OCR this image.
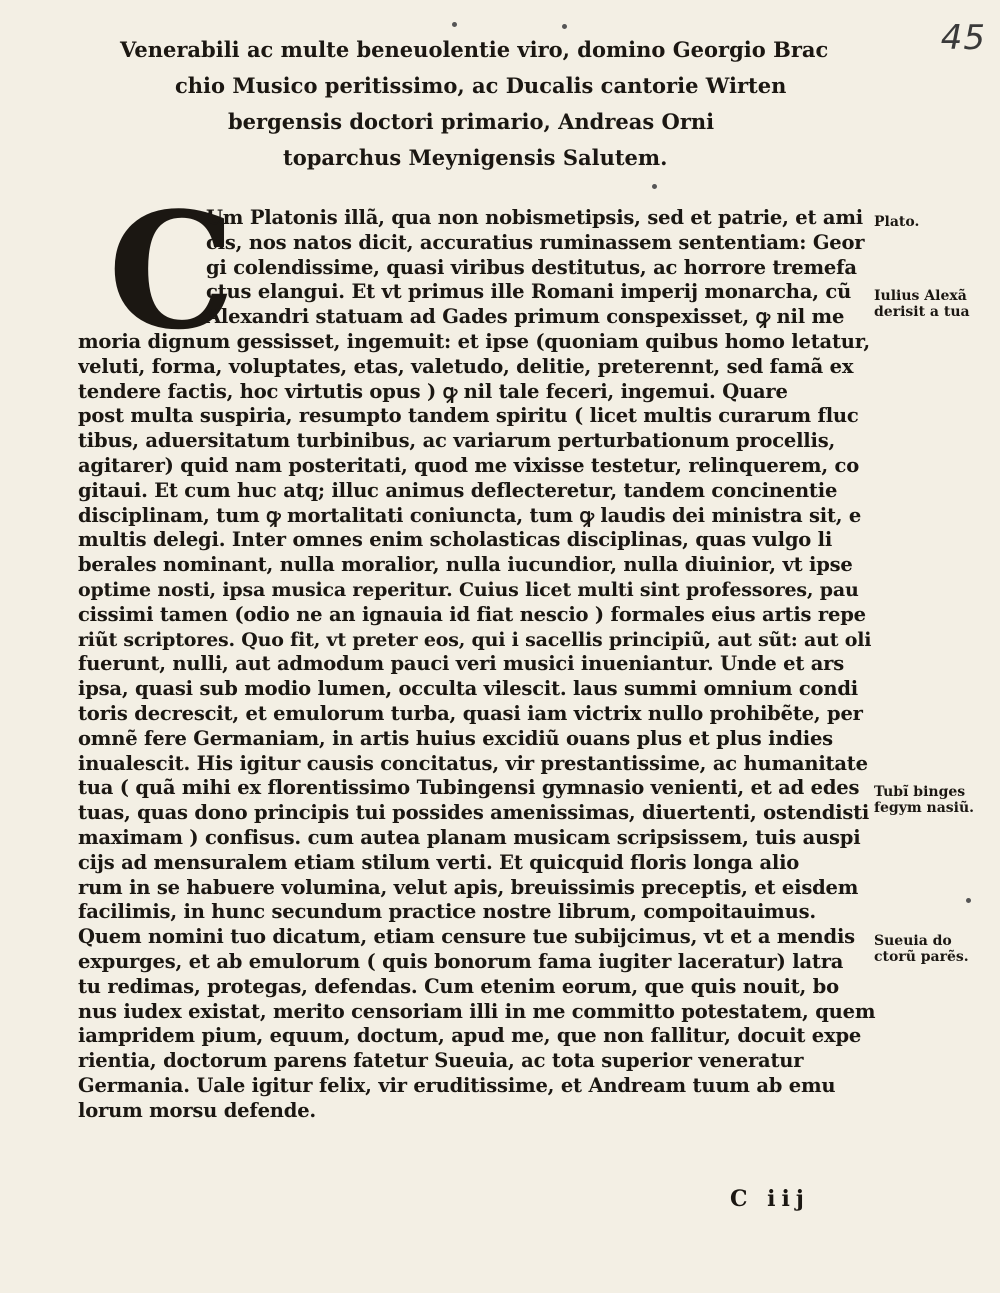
45
Venerabili ac multe beneuolentie viro, domino Georgio Brac
chio Musico peritissimo, ac Ducalis cantorie Wirten
bergensis doctori primario, Andreas Orni
toparchus Meynigensis Salutem.
C
Um Platonis illã, qua non nobismetipsis, sed et patrie, et ami
cis, nos natos dicit, accuratius ruminassem sententiam: Geor
gi colendissime, quasi viribus destitutus, ac horrore tremefa
ctus elangui. Et vt primus ille Romani imperij monarcha, cũ
Alexandri statuam ad Gades primum conspexisset, ꝙ nil me
moria dignum gessisset, ingemuit: et ipse (quoniam quibus homo letatur,
veluti, forma, voluptates, etas, valetudo, delitie, preterennt, sed famã ex
tendere factis, hoc virtutis opus ) ꝙ nil tale feceri, ingemui. Quare
post multa suspiria, resumpto tandem spiritu ( licet multis curarum fluc
tibus, aduersitatum turbinibus, ac variarum perturbationum procellis,
agitarer) quid nam posteritati, quod me vixisse testetur, relinquerem, co
gitaui. Et cum huc atq; illuc animus deflecteretur, tandem concinentie
disciplinam, tum ꝙ mortalitati coniuncta, tum ꝙ laudis dei ministra sit, e
multis delegi. Inter omnes enim scholasticas disciplinas, quas vulgo li
berales nominant, nulla moralior, nulla iucundior, nulla diuinior, vt ipse
optime nosti, ipsa musica reperitur. Cuius licet multi sint professores, pau
cissimi tamen (odio ne an ignauia id fiat nescio ) formales eius artis repe
riũt scriptores. Quo fit, vt preter eos, qui i sacellis principiũ, aut sũt: aut oli
fuerunt, nulli, aut admodum pauci veri musici inueniantur. Unde et ars
ipsa, quasi sub modio lumen, occulta vilescit. laus summi omnium condi
toris decrescit, et emulorum turba, quasi iam victrix nullo prohibẽte, per
omnẽ fere Germaniam, in artis huius excidiũ ouans plus et plus indies
inualescit. His igitur causis concitatus, vir prestantissime, ac humanitate
tua ( quã mihi ex florentissimo Tubingensi gymnasio venienti, et ad edes
tuas, quas dono principis tui possides amenissimas, diuertenti, ostendisti
maximam ) confisus. cum autea planam musicam scripsissem, tuis auspi
cijs ad mensuralem etiam stilum verti. Et quicquid floris longa alio
rum in se habuere volumina, velut apis, breuissimis preceptis, et eisdem
facilimis, in hunc secundum practice nostre librum, compoitauimus.
Quem nomini tuo dicatum, etiam censure tue subijcimus, vt et a mendis
expurges, et ab emulorum ( quis bonorum fama iugiter laceratur) latra
tu redimas, protegas, defendas. Cum etenim eorum, que quis nouit, bo
nus iudex existat, merito censoriam illi in me committo potestatem, quem
iampridem pium, equum, doctum, apud me, que non fallitur, docuit expe
rientia, doctorum parens fatetur Sueuia, ac tota superior veneratur
Germania. Uale igitur felix, vir eruditissime, et Andream tuum ab emu
lorum morsu defende.
Plato.
Iulius Alexã derisit a tua
Tubĩ binges fegym nasiũ.
Sueuia do ctorũ parẽs.
C iij
